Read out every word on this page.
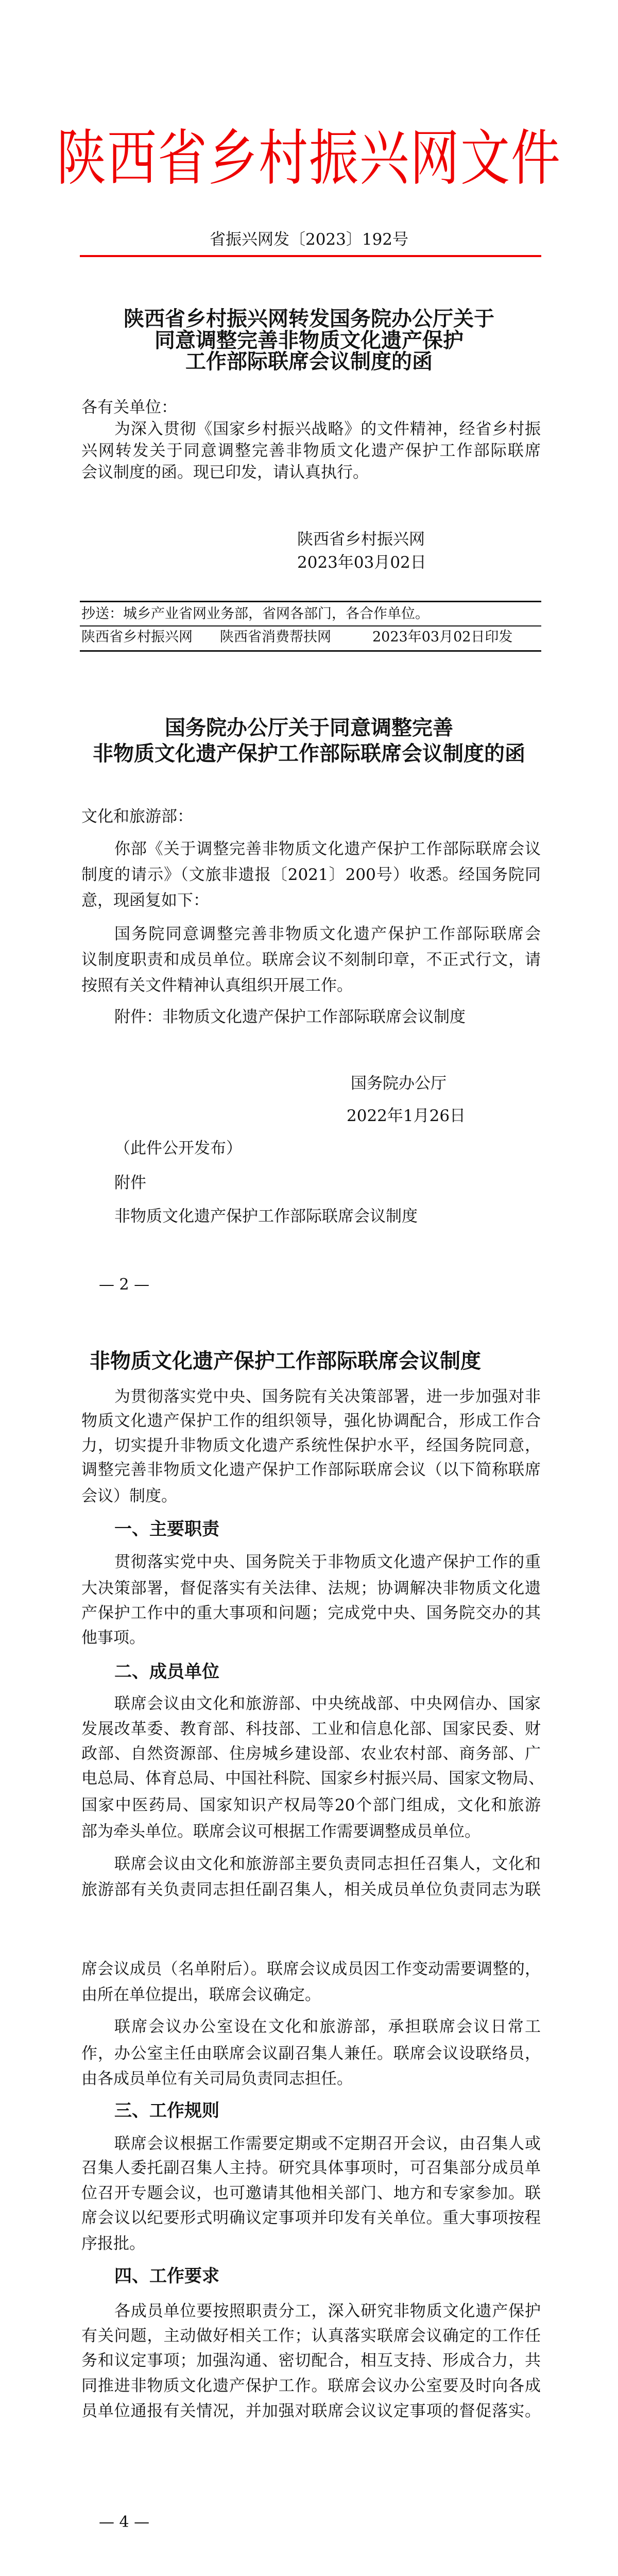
陕西省乡村振兴网文件
省振兴网发〔2023〕192号
陕西省乡村振兴网转发国务院办公厅关于
同意调整完善非物质文化遗产保护
工作部际联席会议制度的函
各有关单位：
为深入贯彻《国家乡村振兴战略》的文件精神，经省乡村振
兴网转发关于同意调整完善非物质文化遗产保护工作部际联席
会议制度的函。现已印发，请认真执行。
国务院办公厅关于同意调整完善
非物质文化遗产保护工作部际联席会议制度的函
文化和旅游部：
你部《关于调整完善非物质文化遗产保护工作部际联席会议
制度的请示》（文旅非遗报〔2021〕200号）收悉。经国务院同
意，现函复如下：
国务院同意调整完善非物质文化遗产保护工作部际联席会
议制度职责和成员单位。联席会议不刻制印章，不正式行文，请
按照有关文件精神认真组织开展工作。
附件：非物质文化遗产保护工作部际联席会议制度
为贯彻落实党中央、国务院有关决策部署，进一步加强对非
物质文化遗产保护工作的组织领导，强化协调配合，形成工作合
力，切实提升非物质文化遗产系统性保护水平，经国务院同意，
调整完善非物质文化遗产保护工作部际联席会议（以下简称联席
会议）制度。
贯彻落实党中央、国务院关于非物质文化遗产保护工作的重
大决策部署，督促落实有关法律、法规；协调解决非物质文化遗
产保护工作中的重大事项和问题；完成党中央、国务院交办的其
他事项。
联席会议由文化和旅游部、中央统战部、中央网信办、国家
发展改革委、教育部、科技部、工业和信息化部、国家民委、财
政部、自然资源部、住房城乡建设部、农业农村部、商务部、广
电总局、体育总局、中国社科院、国家乡村振兴局、国家文物局、
国家中医药局、国家知识产权局等20个部门组成，文化和旅游
部为牵头单位。联席会议可根据工作需要调整成员单位。
联席会议由文化和旅游部主要负责同志担任召集人，文化和
旅游部有关负责同志担任副召集人，相关成员单位负责同志为联
席会议成员（名单附后）。联席会议成员因工作变动需要调整的，
由所在单位提出，联席会议确定。
联席会议办公室设在文化和旅游部，承担联席会议日常工
作，办公室主任由联席会议副召集人兼任。联席会议设联络员，
由各成员单位有关司局负责同志担任。
联席会议根据工作需要定期或不定期召开会议，由召集人或
召集人委托副召集人主持。研究具体事项时，可召集部分成员单
位召开专题会议，也可邀请其他相关部门、地方和专家参加。联
席会议以纪要形式明确议定事项并印发有关单位。重大事项按程
序报批。
各成员单位要按照职责分工，深入研究非物质文化遗产保护
有关问题，主动做好相关工作；认真落实联席会议确定的工作任
务和议定事项；加强沟通、密切配合，相互支持、形成合力，共
同推进非物质文化遗产保护工作。联席会议办公室要及时向各成
员单位通报有关情况，并加强对联席会议议定事项的督促落实。
陕西省乡村振兴网
2023年03月02日
抄送：城乡产业省网业务部，省网各部门，各合作单位。
陕西省乡村振兴网	陕西省消费帮扶网	2023年03月02日印发
国务院办公厅
2022年1月26日
（此件公开发布）
附件
非物质文化遗产保护工作部际联席会议制度
— 2 —
非物质文化遗产保护工作部际联席会议制度
一、主要职责
二、成员单位
三、工作规则
四、工作要求
— 4 —
